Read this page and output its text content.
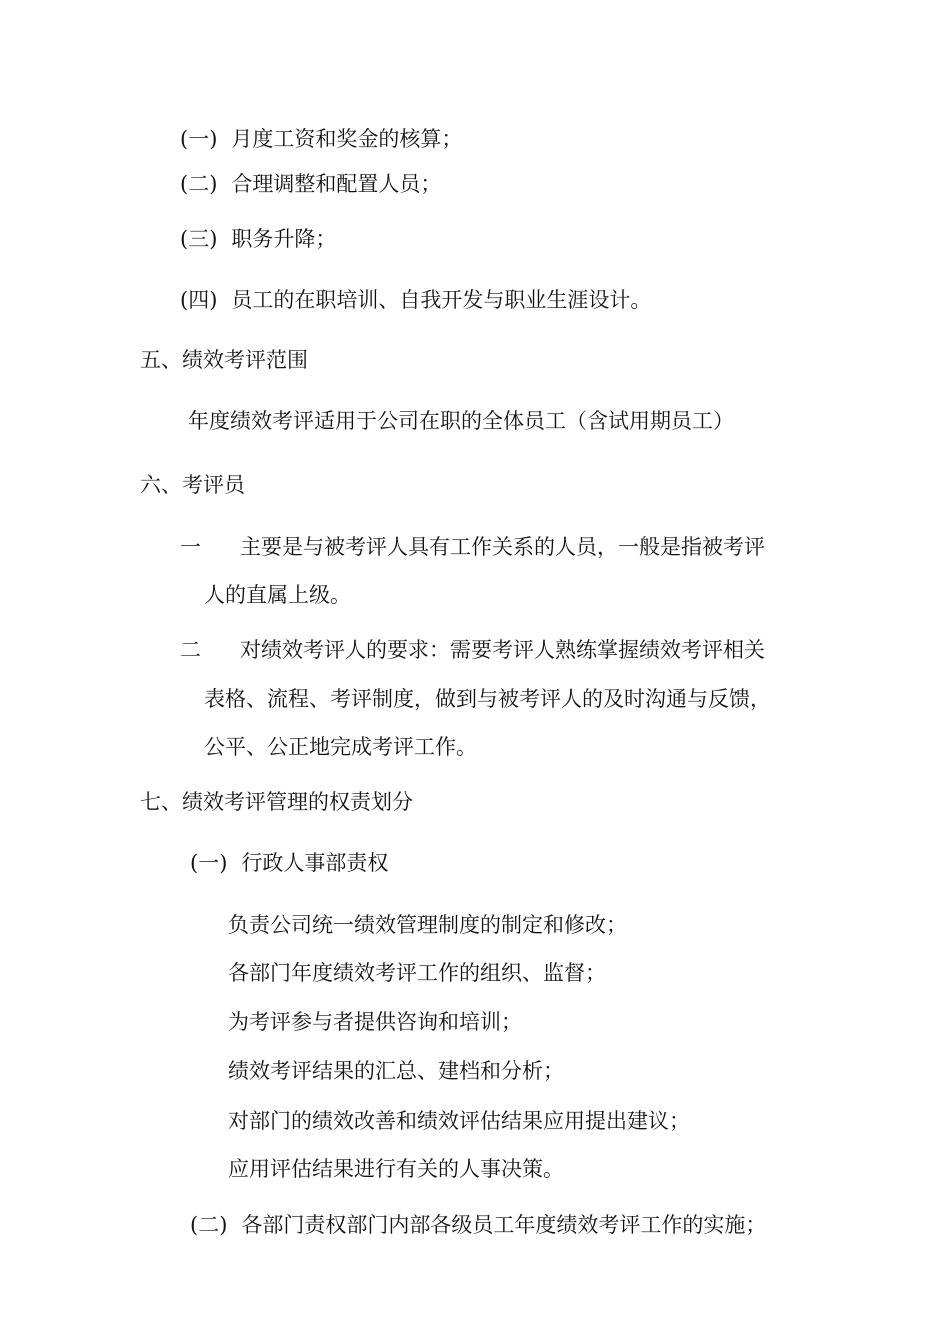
(一) 月度工资和奖金的核算；
(二) 合理调整和配置人员；
(三) 职务升降；
(四) 员工的在职培训、自我开发与职业生涯设计。
五、绩效考评范围
年度绩效考评适用于公司在职的全体员工（含试用期员工）
六、考评员
一 主要是与被考评人具有工作关系的人员，一般是指被考评
人的直属上级。
二 对绩效考评人的要求：需要考评人熟练掌握绩效考评相关
表格、流程、考评制度，做到与被考评人的及时沟通与反馈，
公平、公正地完成考评工作。
七、绩效考评管理的权责划分
(一) 行政人事部责权
负责公司统一绩效管理制度的制定和修改；
各部门年度绩效考评工作的组织、监督；
为考评参与者提供咨询和培训；
绩效考评结果的汇总、建档和分析；
对部门的绩效改善和绩效评估结果应用提出建议；
应用评估结果进行有关的人事决策。
(二) 各部门责权部门内部各级员工年度绩效考评工作的实施；
